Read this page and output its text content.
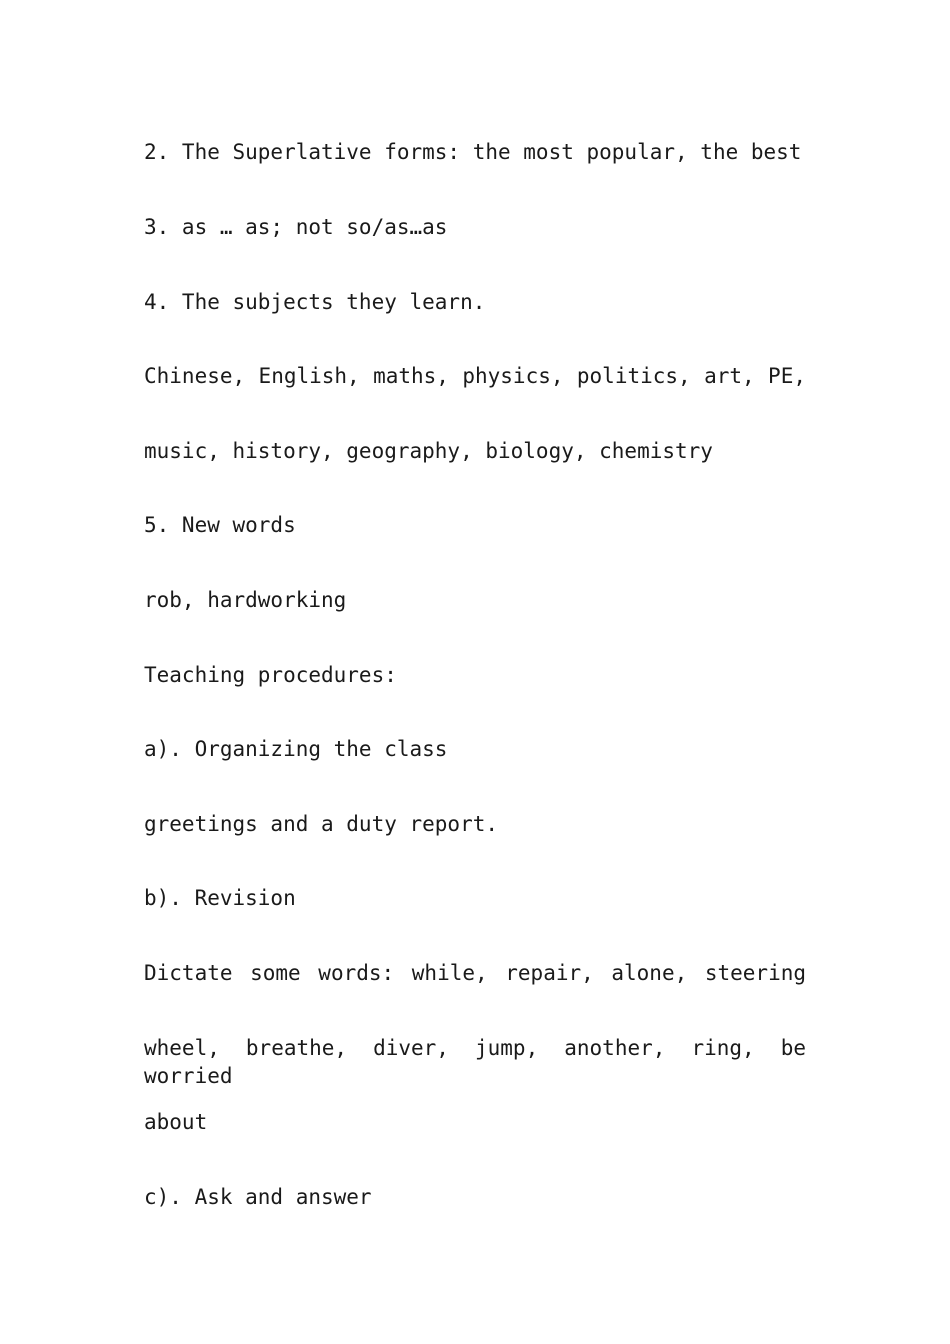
2. The Superlative forms: the most popular, the best
3. as … as; not so/as…as
4. The subjects they learn.
Chinese, English, maths, physics, politics, art, PE,
music, history, geography, biology, chemistry
5. New words
rob, hardworking
Teaching procedures:
a). Organizing the class
greetings and a duty report.
b). Revision
Dictate some words: while, repair, alone, steering
wheel, breathe, diver, jump, another, ring, be worried
about
c). Ask and answer
